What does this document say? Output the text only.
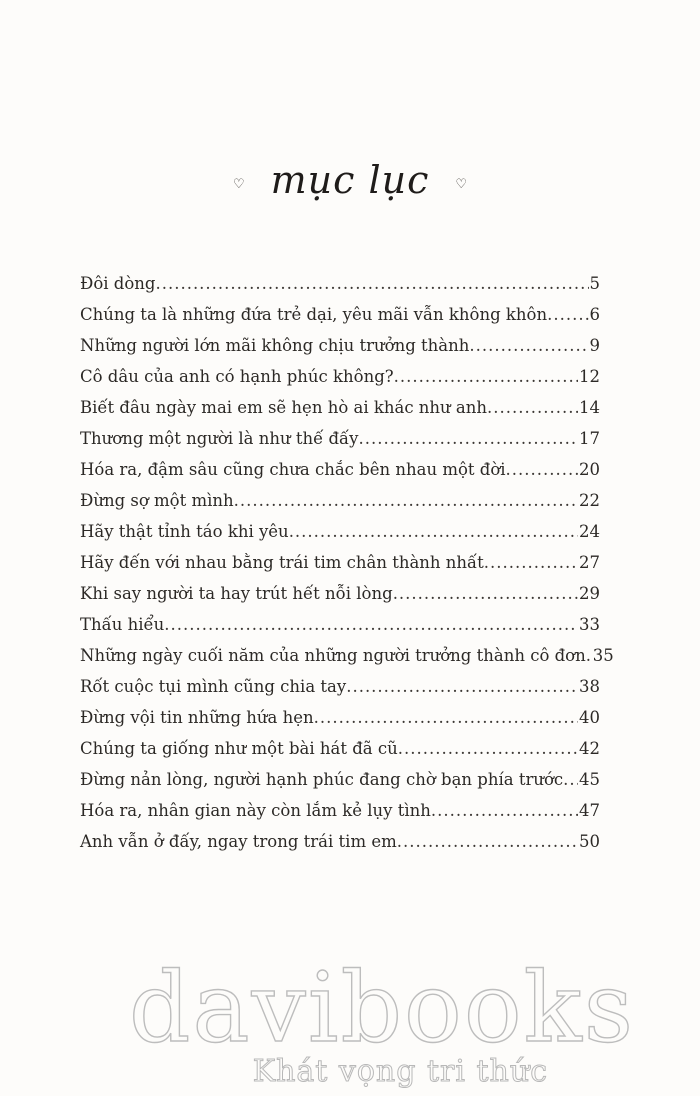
♡ mục lục ♡
Đôi dòng .....	5
Chúng ta là những đứa trẻ dại, yêu mãi vẫn không khôn .....	6
Những người lớn mãi không chịu trưởng thành .....	9
Cô dâu của anh có hạnh phúc không? .....	12
Biết đâu ngày mai em sẽ hẹn hò ai khác như anh .....	14
Thương một người là như thế đấy .....	17
Hóa ra, đậm sâu cũng chưa chắc bên nhau một đời .....	20
Đừng sợ một mình .....	22
Hãy thật tỉnh táo khi yêu .....	24
Hãy đến với nhau bằng trái tim chân thành nhất .....	27
Khi say người ta hay trút hết nỗi lòng .....	29
Thấu hiểu .....	33
Những ngày cuối năm của những người trưởng thành cô đơn ..... 35
Rốt cuộc tụi mình cũng chia tay .....	38
Đừng vội tin những hứa hẹn .....	40
Chúng ta giống như một bài hát đã cũ .....	42
Đừng nản lòng, người hạnh phúc đang chờ bạn phía trước ..... 45
Hóa ra, nhân gian này còn lắm kẻ lụy tình .....	47
Anh vẫn ở đấy, ngay trong trái tim em .....	50
davibooks
Khát vọng tri thức
